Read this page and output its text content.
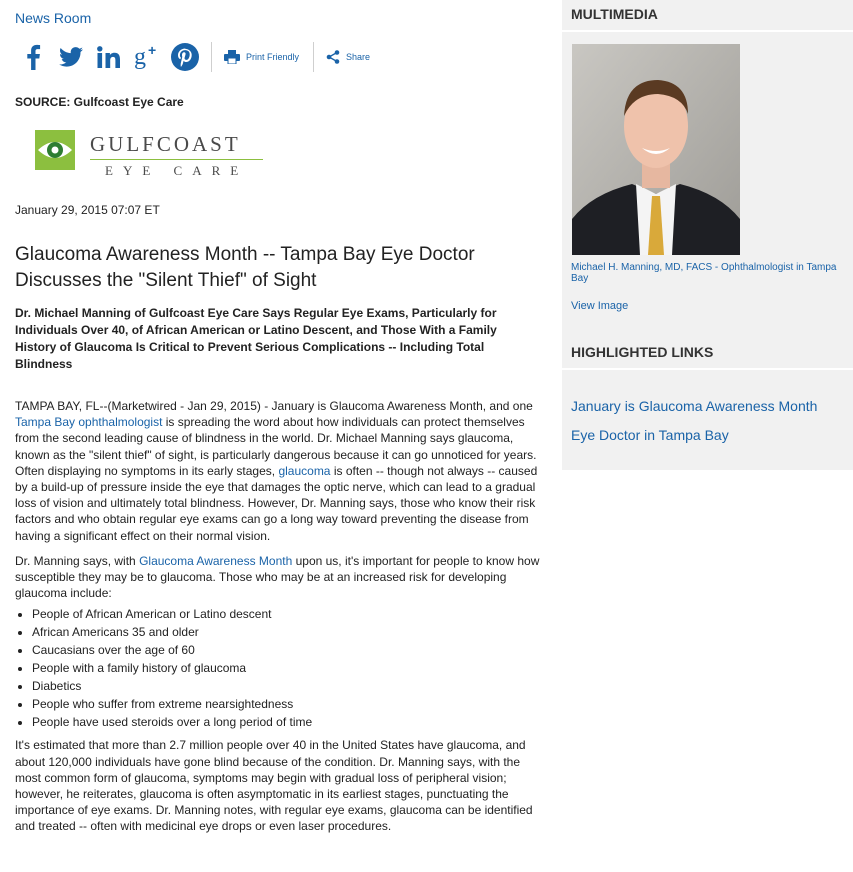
News Room
g +	Print Friendly	Share
SOURCE: Gulfcoast Eye Care
GULFCOAST
EYE CARE
January 29, 2015 07:07 ET
Glaucoma Awareness Month -- Tampa Bay Eye Doctor Discusses the "Silent Thief" of Sight
Dr. Michael Manning of Gulfcoast Eye Care Says Regular Eye Exams, Particularly for Individuals Over 40, of African American or Latino Descent, and Those With a Family History of Glaucoma Is Critical to Prevent Serious Complications -- Including Total Blindness

TAMPA BAY, FL--(Marketwired - Jan 29, 2015) - January is Glaucoma Awareness Month, and one Tampa Bay ophthalmologist is spreading the word about how individuals can protect themselves from the second leading cause of blindness in the world. Dr. Michael Manning says glaucoma, known as the "silent thief" of sight, is particularly dangerous because it can go unnoticed for years. Often displaying no symptoms in its early stages, glaucoma is often -- though not always -- caused by a build-up of pressure inside the eye that damages the optic nerve, which can lead to a gradual loss of vision and ultimately total blindness. However, Dr. Manning says, those who know their risk factors and who obtain regular eye exams can go a long way toward preventing the disease from having a significant effect on their normal vision.

Dr. Manning says, with Glaucoma Awareness Month upon us, it's important for people to know how susceptible they may be to glaucoma. Those who may be at an increased risk for developing glaucoma include:

• People of African American or Latino descent
• African Americans 35 and older
• Caucasians over the age of 60
• People with a family history of glaucoma
• Diabetics
• People who suffer from extreme nearsightedness
• People have used steroids over a long period of time

It's estimated that more than 2.7 million people over 40 in the United States have glaucoma, and about 120,000 individuals have gone blind because of the condition. Dr. Manning says, with the most common form of glaucoma, symptoms may begin with gradual loss of peripheral vision; however, he reiterates, glaucoma is often asymptomatic in its earliest stages, punctuating the importance of eye exams. Dr. Manning notes, with regular eye exams, glaucoma can be identified and treated -- often with medicinal eye drops or even laser procedures.

MULTIMEDIA
Michael H. Manning, MD, FACS - Ophthalmologist in Tampa Bay
View Image
HIGHLIGHTED LINKS
January is Glaucoma Awareness Month
Eye Doctor in Tampa Bay
